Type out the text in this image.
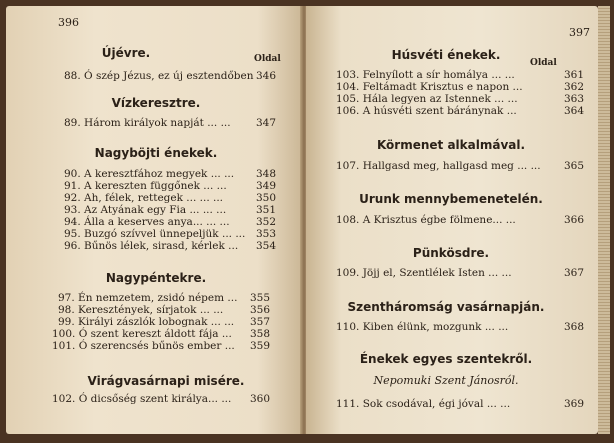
396
Oldal
Újévre.
88. Ó szép Jézus, ez új esztendőben 346
Vízkeresztre.
89. Három királyok napját ... ... 347
Nagyböjti énekek.
90. A keresztfához megyek ... ... 348
91. A kereszten függőnek ... ...	349
92. Ah, félek, rettegek ... ... ...	350
93. Az Atyának egy Fia ... ... ...	351
94. Álla a keserves anya... ... ...	352
95. Buzgó szívvel ünnepeljük ... ... 353
96. Bűnös lélek, sirasd, kérlek ... 354
Nagypéntekre.
97. Én nemzetem, zsidó népem ... 355
98. Keresztények, sírjatok ... ...	356
99. Királyi zászlók lobognak ... ... 357
100. Ó szent kereszt áldott fája ... 358
101. Ó szerencsés bűnös ember ... 359
Virágvasárnapi misére.
102. Ó dicsőség szent királya... ... 360
397
Oldal
Húsvéti énekek.
103. Felnyílott a sír homálya ... ...	361
104. Feltámadt Krisztus e napon ...	362
105. Hála legyen az Istennek ... ...	363
106. A húsvéti szent báránynak ...	364
Körmenet alkalmával.
107. Hallgasd meg, hallgasd meg ... ... 365
Urunk mennybemenetelén.
108. A Krisztus égbe fölmenе... ...	366
Pünkösdre.
109. Jöjj el, Szentlélek Isten ... ...	367
Szentháromság vasárnapján.
110. Kiben élünk, mozgunk ... ...	368
Énekek egyes szentekről.
Nepomuki Szent Jánosról.
111. Sok csodával, égi jóval ... ...	369
